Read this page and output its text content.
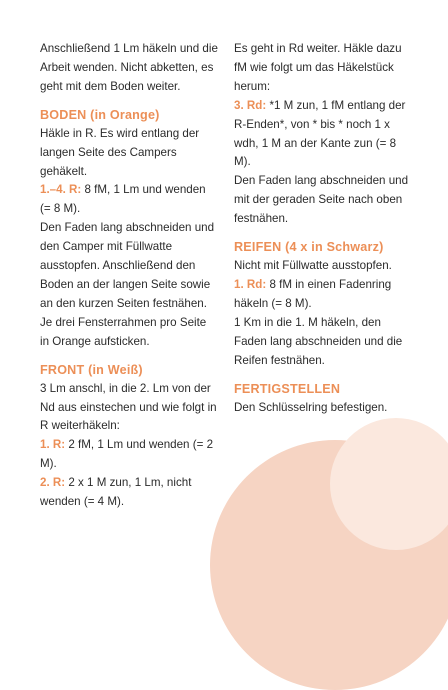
Anschließend 1 Lm häkeln und die Arbeit wenden. Nicht abketten, es geht mit dem Boden weiter.

BODEN (in Orange)

Häkle in R. Es wird entlang der langen Seite des Campers gehäkelt.

1.–4. R: 8 fM, 1 Lm und wenden (= 8 M).

Den Faden lang abschneiden und den Camper mit Füllwatte ausstopfen. Anschließend den Boden an der langen Seite sowie an den kurzen Seiten festnähen. Je drei Fensterrahmen pro Seite in Orange aufsticken.

FRONT (in Weiß)

3 Lm anschl, in die 2. Lm von der Nd aus einstechen und wie folgt in R weiterhäkeln:

1. R: 2 fM, 1 Lm und wenden (= 2 M).

2. R: 2 x 1 M zun, 1 Lm, nicht wenden (= 4 M).

Es geht in Rd weiter. Häkle dazu fM wie folgt um das Häkelstück herum:

3. Rd: *1 M zun, 1 fM entlang der R-Enden*, von * bis * noch 1 x wdh, 1 M an der Kante zun (= 8 M).

Den Faden lang abschneiden und mit der geraden Seite nach oben festnähen.

REIFEN (4 x in Schwarz)

Nicht mit Füllwatte ausstopfen.

1. Rd: 8 fM in einen Fadenring häkeln (= 8 M).

1 Km in die 1. M häkeln, den Faden lang abschneiden und die Reifen festnähen.

FERTIGSTELLEN

Den Schlüsselring befestigen.
